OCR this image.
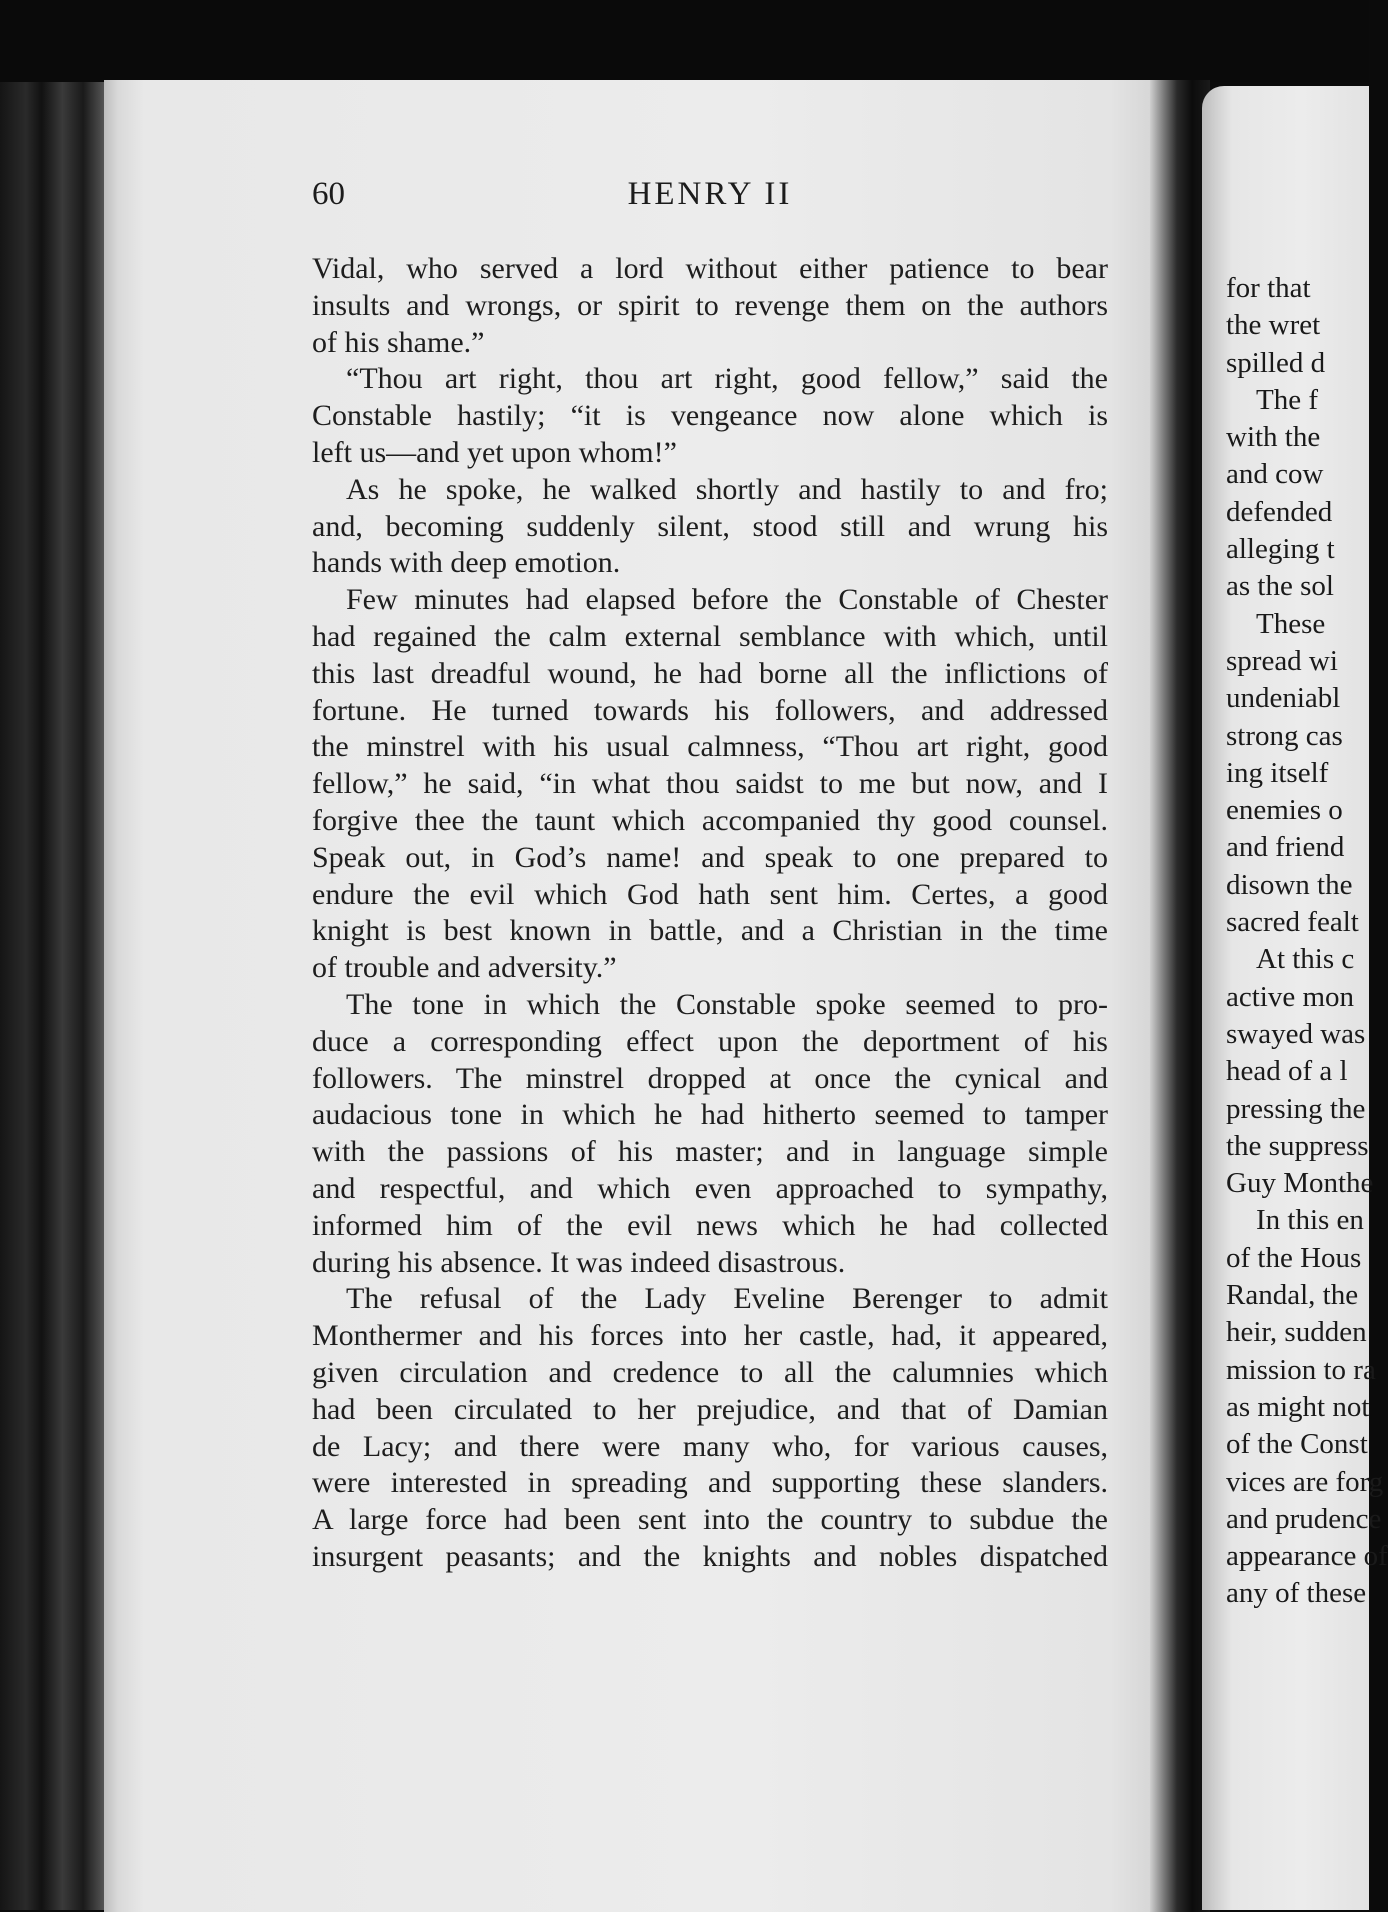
60	HENRY II
Vidal, who served a lord without either patience to bear
insults and wrongs, or spirit to revenge them on the authors
of his shame.”
“Thou art right, thou art right, good fellow,” said the
Constable hastily; “it is vengeance now alone which is
left us—and yet upon whom!”
As he spoke, he walked shortly and hastily to and fro;
and, becoming suddenly silent, stood still and wrung his
hands with deep emotion.
Few minutes had elapsed before the Constable of Chester
had regained the calm external semblance with which, until
this last dreadful wound, he had borne all the inflictions of
fortune. He turned towards his followers, and addressed
the minstrel with his usual calmness, “Thou art right, good
fellow,” he said, “in what thou saidst to me but now, and I
forgive thee the taunt which accompanied thy good counsel.
Speak out, in God’s name! and speak to one prepared to
endure the evil which God hath sent him. Certes, a good
knight is best known in battle, and a Christian in the time
of trouble and adversity.”
The tone in which the Constable spoke seemed to pro-
duce a corresponding effect upon the deportment of his
followers. The minstrel dropped at once the cynical and
audacious tone in which he had hitherto seemed to tamper
with the passions of his master; and in language simple
and respectful, and which even approached to sympathy,
informed him of the evil news which he had collected
during his absence. It was indeed disastrous.
The refusal of the Lady Eveline Berenger to admit
Monthermer and his forces into her castle, had, it appeared,
given circulation and credence to all the calumnies which
had been circulated to her prejudice, and that of Damian
de Lacy; and there were many who, for various causes,
were interested in spreading and supporting these slanders.
A large force had been sent into the country to subdue the
insurgent peasants; and the knights and nobles dispatched
for that
the wret
spilled d
The f
with the
and cow
defended
alleging t
as the sol
These
spread wi
undeniabl
strong cas
ing itself
enemies o
and friend
disown the
sacred fealt
At this c
active mon
swayed was
head of a l
pressing the
the suppress
Guy Monthe
In this en
of the Hous
Randal, the
heir, sudden
mission to ra
as might not
of the Const
vices are forg
and prudence
appearance of
any of these
